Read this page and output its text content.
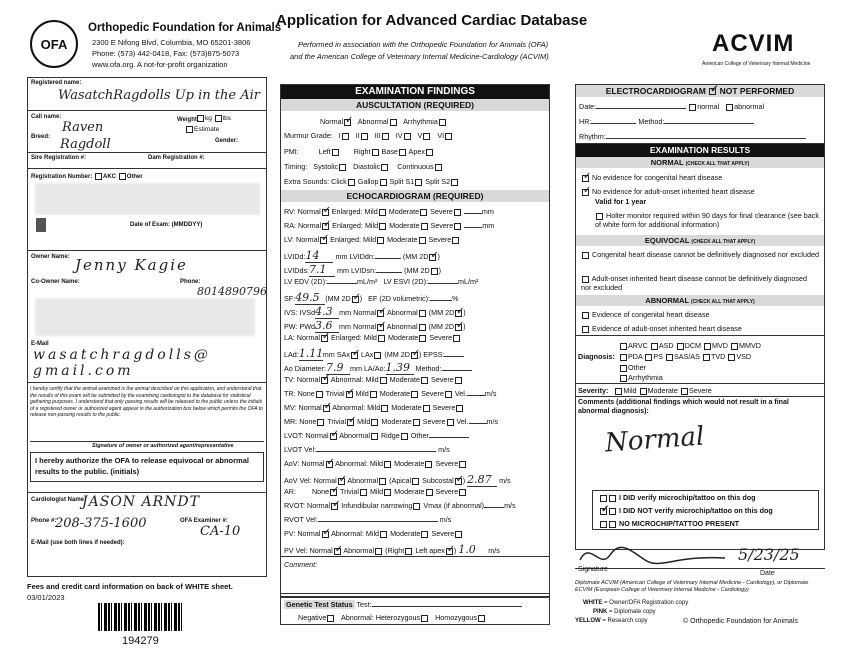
OFA
Orthopedic Foundation for Animals
2300 E Nifong Blvd, Columbia, MO 65201-3806
Phone: (573) 442-0418, Fax: (573)875-5073
www.ofa.org. A not-for-profit organization
Application for Advanced Cardiac Database
Performed in association with the Orthopedic Foundation for Animals (OFA)
and the American College of Veterinary Internal Medicine-Cardiology (ACVIM)	ACVIM
American College of Veterinary Internal Medicine
Registered name:
WasatchRagdolls Up in the Air
Call name:
Raven	Weight: kg lbs
Estimate
Breed: Ragdoll	Gender:
Sire Registration #:	Dam Registration #:
Registration Number: AKC Other
Date of Exam: (MMDDYY)
Owner Name: Jenny Kagie
Co-Owner Name:	Phone:
8014890796
E-Mail
wasatchragdolls@
gmail.com
I hereby certify that the animal examined is the animal described on this application, and understand that the results of this exam will be submitted by the examining cardiologist to the database for statistical gathering purposes. I understand that only passing results will be released to the public unless the initials of a registered owner or authorized agent appear in the authorization box below which permits the OFA to release non-passing results to the public.
Signature of owner or authorized agent/representative
I hereby authorize the OFA to release equivocal or abnormal results to the public. (initials)
Cardiologist Name:
JASON ARNDT
Phone #:
208-375-1600	OFA Examiner #:
CA-10
E-Mail (use both lines if needed):
Fees and credit card information on back of WHITE sheet.
03/01/2023
194279
EXAMINATION FINDINGS
AUSCULTATION (REQUIRED)
Normal ✓ Abnormal Arrhythmia
Murmur Grade: I II III IV V VI
PMI:	Left	Right Base Apex
Timing: Systolic Diastolic Continuous
Extra Sounds: Click Gallop Split S1 Split S2
ECHOCARDIOGRAM (REQUIRED)
RV: Normal ✓ Enlarged: Mild Moderate Severe	mm
RA: Normal ✓ Enlarged: Mild Moderate Severe	mm
LV: Normal ✓ Enlarged: Mild Moderate Severe
LVIDd:14 mm LVIDdn:	(MM 2D ✓ )
LVIDds:7.1 mm LVIDsn:	(MM 2D )
LV EDV (2D):	mL/m² LV ESVI (2D):	mL/m²
SF:49.5 (MM 2D ✓ )   EF (2D volumetric):	%
IVS: IVSd4.3 mm Normal ✓ Abnormal (MM 2D ✓ )
PW: PWd3.6 mm Normal ✓ Abnormal (MM 2D ✓ )
LA: Normal ✓ Enlarged: Mild Moderate Severe
LAd:1.11mm SAx ✓ LAx (MM 2D ✓ ) EPSS:
Ao Diameter:7.9 mm LA/Ao:1.39 Method:
TV: Normal ✓ Abnormal: Mild Moderate Severe
TR: None Trivial ✓ Mild Moderate Severe Vel.	m/s
MV: Normal ✓ Abnormal: Mild Moderate Severe
MR: None Trivial ✓ Mild Moderate Severe Vel.	m/s
LVOT: Normal ✓ Abnormal Ridge Other
LVOT Vel:	m/s
AoV: Normal ✓ Abnormal: Mild Moderate Severe
AoV Vel: Normal ✓ Abnormal (Apical Subcostal ✓ ) 2.87 m/s
AR: None ✓ Trivial Mild Moderate Severe
RVOT: Normal ✓ Infundibular narrowing Vmax (if abnormal)	m/s
RVOT Vel:	m/s
PV: Normal ✓ Abnormal: Mild Moderate Severe
PV Vel: Normal ✓ Abnormal (Right Left apex ✓ ) 1.0 m/s
Comment:
Genetic Test Status Test:
Negative Abnormal: Heterozygous Homozygous
ELECTROCARDIOGRAM ✓ NOT PERFORMED
Date:	normal abnormal
HR:	Method:
Rhythm:
EXAMINATION RESULTS
NORMAL (CHECK ALL THAT APPLY)
✓ No evidence for congenital heart disease
✓ No evidence for adult-onset inherited heart disease
Valid for 1 year
Holter monitor required within 90 days for final clearance (see back of white form for additional information)
EQUIVOCAL (CHECK ALL THAT APPLY)
Congenital heart disease cannot be definitively diagnosed nor excluded
Adult-onset inherited heart disease cannot be definitively diagnosed nor excluded
ABNORMAL (CHECK ALL THAT APPLY)
Evidence of congenital heart disease
Evidence of adult-onset inherited heart disease
Diagnosis:
ARVC ASD DCM MVD MMVD
PDA PS SAS/AS TVD VSD
Other
Arrhythmia
Severity: Mild Moderate Severe
Comments (additional findings which would not result in a final abnormal diagnosis):
Normal
I DID verify microchip/tattoo on this dog
✓ I DID NOT verify microchip/tattoo on this dog
NO MICROCHIP/TATTOO PRESENT
5/23/25
Signature
Date
Diplomate ACVIM (American College of Veterinary Internal Medicine - Cardiology), or Diplomate ECVIM (European College of Veterinary Internal Medicine - Cardiology)
WHITE = Owner/OFA Registration copy
PINK = Diplomate copy
YELLOW = Research copy	© Orthopedic Foundation for Animals
